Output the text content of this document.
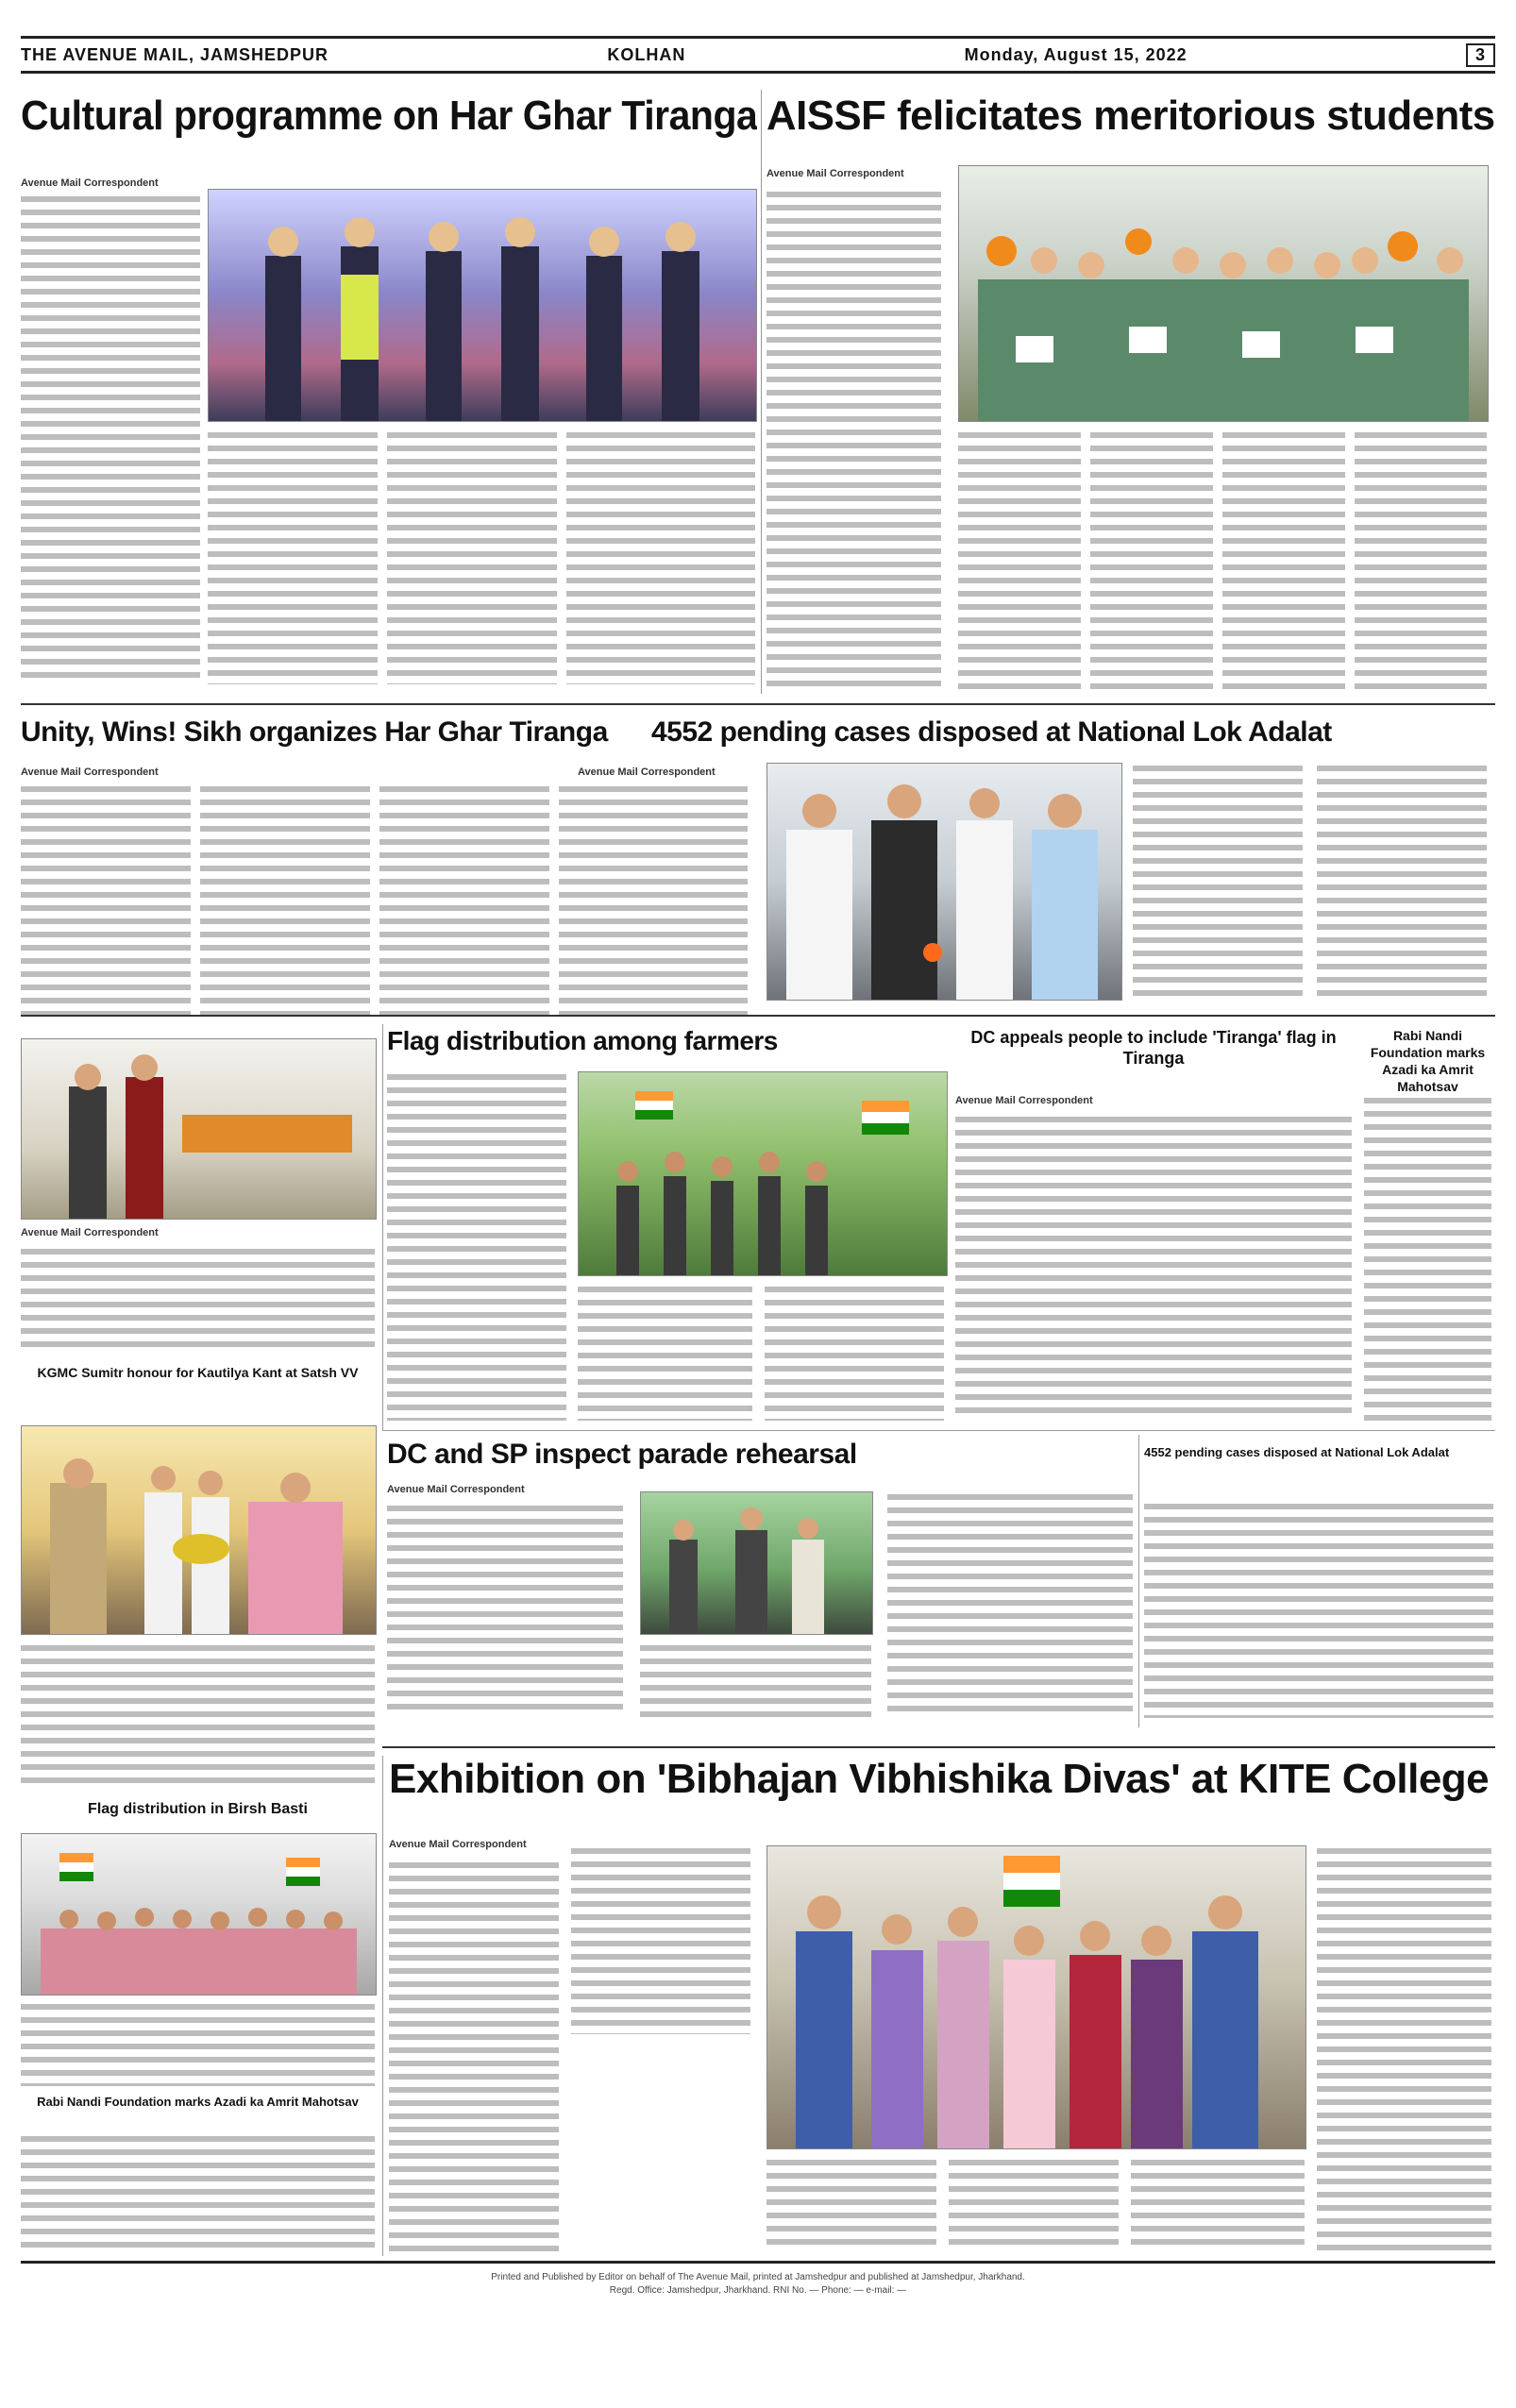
THE AVENUE MAIL, JAMSHEDPUR	KOLHAN	Monday, August 15, 2022	3
Cultural programme on Har Ghar Tiranga
Avenue Mail Correspondent
AISSF felicitates meritorious students
Avenue Mail Correspondent
Unity, Wins! Sikh organizes Har Ghar Tiranga
Avenue Mail Correspondent
4552 pending cases disposed at National Lok Adalat
Avenue Mail Correspondent
Avenue Mail Correspondent
Flag distribution among farmers	DC appeals people to include 'Tiranga' flag in Tiranga
Avenue Mail Correspondent
Rabi Nandi Foundation marks Azadi ka Amrit Mahotsav
KGMC Sumitr honour for Kautilya Kant at Satsh VV
DC and SP inspect parade rehearsal
Avenue Mail Correspondent
4552 pending cases disposed at National Lok Adalat
Flag distribution in Birsh Basti
Rabi Nandi Foundation marks Azadi ka Amrit Mahotsav
Exhibition on 'Bibhajan Vibhishika Divas' at KITE College
Avenue Mail Correspondent
Printed and Published by Editor on behalf of The Avenue Mail, printed at Jamshedpur and published at Jamshedpur, Jharkhand.
Regd. Office: Jamshedpur, Jharkhand. RNI No. — Phone: — e-mail: —
